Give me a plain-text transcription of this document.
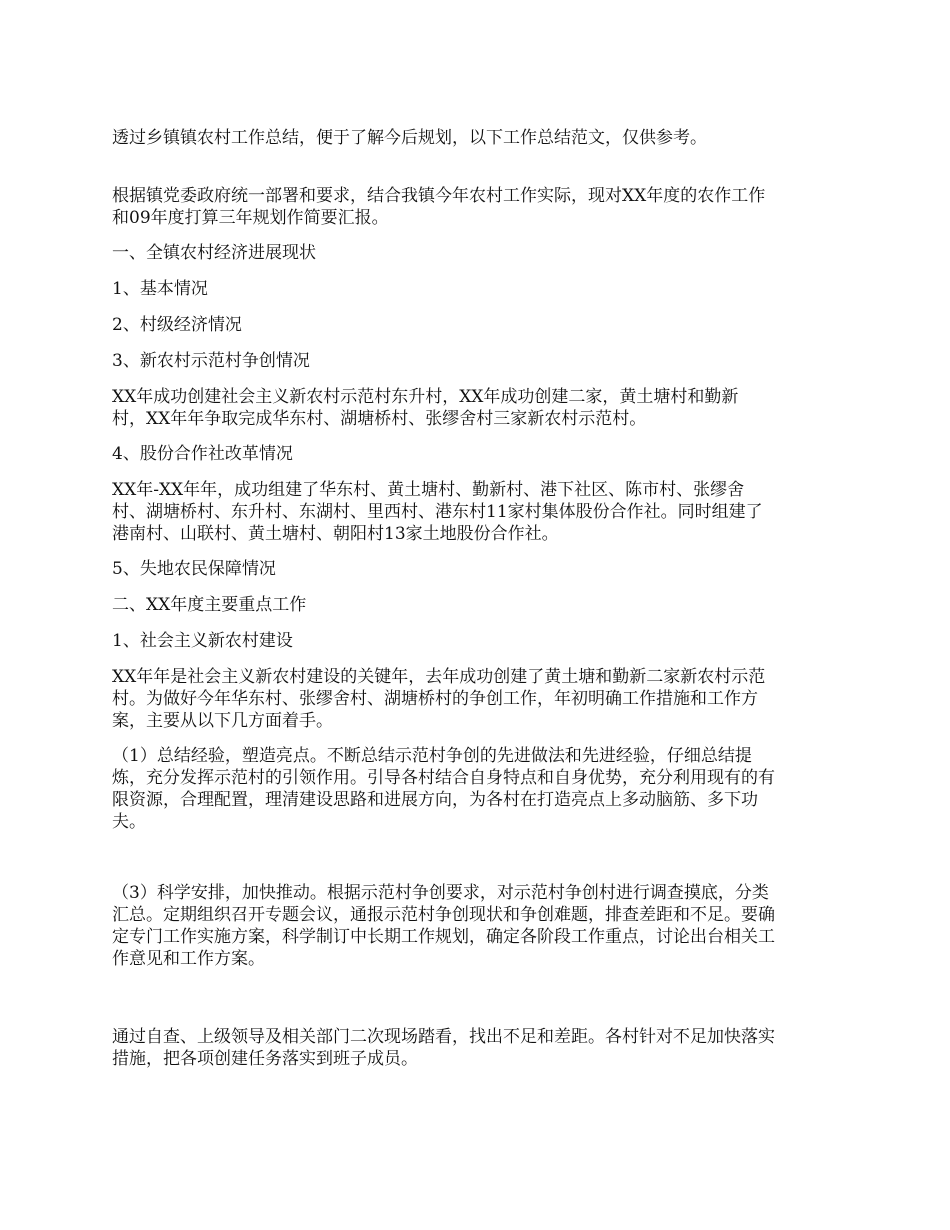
透过乡镇镇农村工作总结，便于了解今后规划，以下工作总结范文，仅供参考。

根据镇党委政府统一部署和要求，结合我镇今年农村工作实际，现对XX年度的农作工作
和09年度打算三年规划作简要汇报。

一、全镇农村经济进展现状

1、基本情况

2、村级经济情况

3、新农村示范村争创情况

XX年成功创建社会主义新农村示范村东升村，XX年成功创建二家，黄土塘村和勤新
村，XX年年争取完成华东村、湖塘桥村、张缪舍村三家新农村示范村。

4、股份合作社改革情况

XX年-XX年年，成功组建了华东村、黄土塘村、勤新村、港下社区、陈市村、张缪舍
村、湖塘桥村、东升村、东湖村、里西村、港东村11家村集体股份合作社。同时组建了
港南村、山联村、黄土塘村、朝阳村13家土地股份合作社。

5、失地农民保障情况

二、XX年度主要重点工作

1、社会主义新农村建设

XX年年是社会主义新农村建设的关键年，去年成功创建了黄土塘和勤新二家新农村示范
村。为做好今年华东村、张缪舍村、湖塘桥村的争创工作，年初明确工作措施和工作方
案，主要从以下几方面着手。

（1）总结经验，塑造亮点。不断总结示范村争创的先进做法和先进经验，仔细总结提
炼，充分发挥示范村的引领作用。引导各村结合自身特点和自身优势，充分利用现有的有
限资源，合理配置，理清建设思路和进展方向，为各村在打造亮点上多动脑筋、多下功
夫。

（3）科学安排，加快推动。根据示范村争创要求，对示范村争创村进行调查摸底，分类
汇总。定期组织召开专题会议，通报示范村争创现状和争创难题，排查差距和不足。要确
定专门工作实施方案，科学制订中长期工作规划，确定各阶段工作重点，讨论出台相关工
作意见和工作方案。

通过自查、上级领导及相关部门二次现场踏看，找出不足和差距。各村针对不足加快落实
措施，把各项创建任务落实到班子成员。
